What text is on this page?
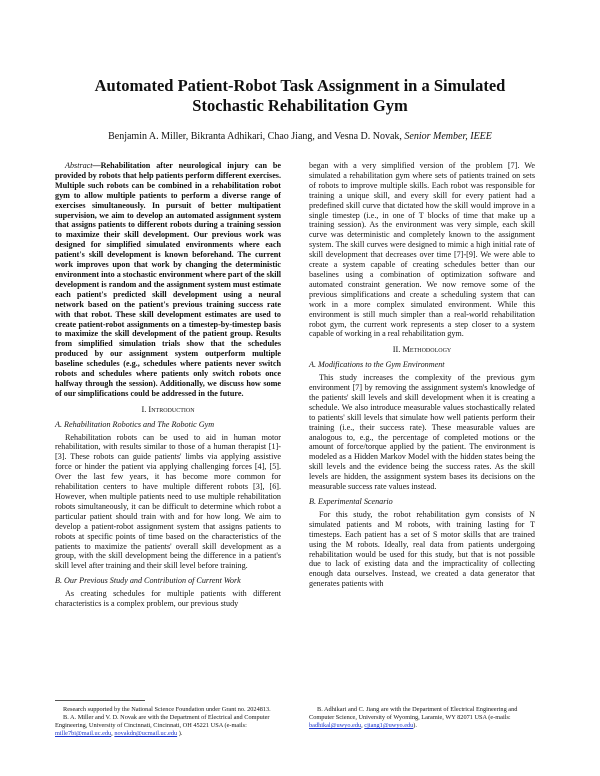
Automated Patient-Robot Task Assignment in a Simulated
Stochastic Rehabilitation Gym
Benjamin A. Miller, Bikranta Adhikari, Chao Jiang, and Vesna D. Novak, Senior Member, IEEE

Abstract—Rehabilitation after neurological injury can be provided by robots that help patients perform different exercises. Multiple such robots can be combined in a rehabilitation robot gym to allow multiple patients to perform a diverse range of exercises simultaneously. In pursuit of better multipatient supervision, we aim to develop an automated assignment system that assigns patients to different robots during a training session to maximize their skill development. Our previous work was designed for simplified simulated environments where each patient's skill development is known beforehand. The current work improves upon that work by changing the deterministic environment into a stochastic environment where part of the skill development is random and the assignment system must estimate each patient's predicted skill development using a neural network based on the patient's previous training success rate with that robot. These skill development estimates are used to create patient-robot assignments on a timestep-by-timestep basis to maximize the skill development of the patient group. Results from simplified simulation trials show that the schedules produced by our assignment system outperform multiple baseline schedules (e.g., schedules where patients never switch robots and schedules where patients only switch robots once halfway through the session). Additionally, we discuss how some of our simplifications could be addressed in the future.

I. Introduction
A. Rehabilitation Robotics and The Robotic Gym

Rehabilitation robots can be used to aid in human motor rehabilitation, with results similar to those of a human therapist [1]-[3]. These robots can guide patients' limbs via applying assistive force or hinder the patient via applying challenging forces [4], [5]. Over the last few years, it has become more common for rehabilitation centers to have multiple different robots [3], [6]. However, when multiple patients need to use multiple rehabilitation robots simultaneously, it can be difficult to determine which robot a particular patient should train with and for how long. We aim to develop a patient-robot assignment system that assigns patients to robots at specific points of time based on the characteristics of the patients to maximize the patients' overall skill development as a group, with the skill development being the difference in a patient's skill level after training and their skill level before training.

B. Our Previous Study and Contribution of Current Work

As creating schedules for multiple patients with different characteristics is a complex problem, our previous study

began with a very simplified version of the problem [7]. We simulated a rehabilitation gym where sets of patients trained on sets of robots to improve multiple skills. Each robot was responsible for training a unique skill, and every skill for every patient had a predefined skill curve that dictated how the skill would improve in a single timestep (i.e., in one of T blocks of time that make up a training session). As the environment was very simple, each skill curve was deterministic and completely known to the assignment system. The skill curves were designed to mimic a high initial rate of skill development that decreases over time [7]-[9]. We were able to create a system capable of creating schedules better than our baselines using a combination of optimization software and automated constraint generation. We now remove some of the previous simplifications and create a scheduling system that can work in a more complex simulated environment. While this environment is still much simpler than a real-world rehabilitation robot gym, the current work represents a step closer to a system capable of working in a real rehabilitation gym.

II. Methodology
A. Modifications to the Gym Environment

This study increases the complexity of the previous gym environment [7] by removing the assignment system's knowledge of the patients' skill levels and skill development when it is creating a schedule. We also introduce measurable values stochastically related to patients' skill levels that simulate how well patients perform their training (i.e., their success rate). These measurable values are analogous to, e.g., the percentage of completed motions or the amount of force/torque applied by the patient. The environment is modeled as a Hidden Markov Model with the hidden states being the skill levels and the evidence being the success rates. As the skill levels are hidden, the assignment system bases its decisions on the measurable success rate values instead.

B. Experimental Scenario

For this study, the robot rehabilitation gym consists of N simulated patients and M robots, with training lasting for T timesteps. Each patient has a set of S motor skills that are trained using the M robots. Ideally, real data from patients undergoing rehabilitation would be used for this study, but that is not possible due to lack of existing data and the impracticality of collecting enough data ourselves. Instead, we created a data generator that generates patients with

Research supported by the National Science Foundation under Grant no. 2024813.

B. A. Miller and V. D. Novak are with the Department of Electrical and Computer Engineering, University of Cincinnati, Cincinnati, OH 45221 USA (e-mails: mille7bi@mail.uc.edu, novakdn@ucmail.uc.edu ).

B. Adhikari and C. Jiang are with the Department of Electrical Engineering and Computer Science, University of Wyoming, Laramie, WY 82071 USA (e-mails: badhikal@uwyo.edu, cjiang1@uwyo.edu).
